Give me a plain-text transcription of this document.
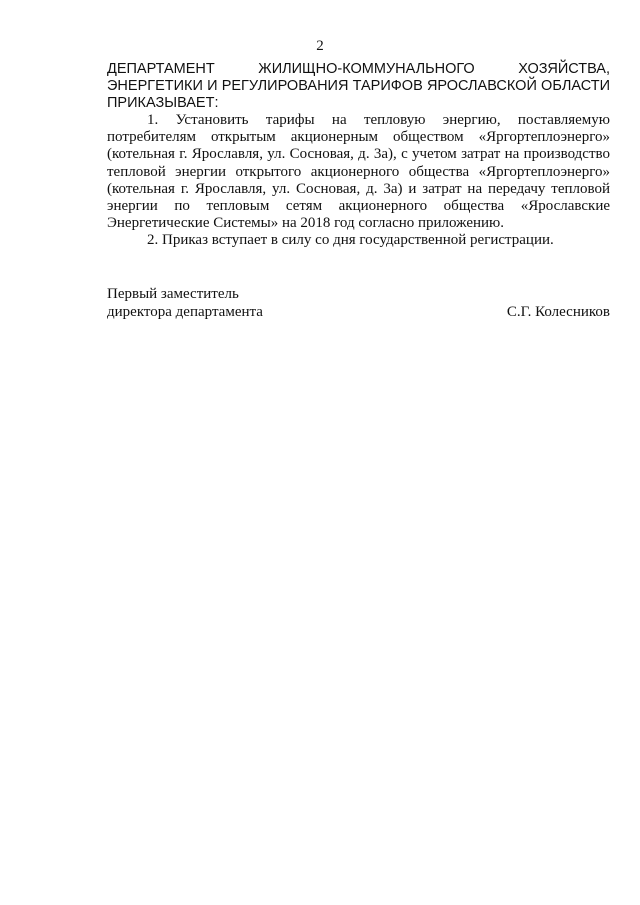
2

ДЕПАРТАМЕНТ ЖИЛИЩНО-КОММУНАЛЬНОГО ХОЗЯЙСТВА, ЭНЕРГЕТИКИ И РЕГУЛИРОВАНИЯ ТАРИФОВ ЯРОСЛАВСКОЙ ОБЛАСТИ ПРИКАЗЫВАЕТ:

1. Установить тарифы на тепловую энергию, поставляемую потребителям открытым акционерным обществом «Яргортеплоэнерго» (котельная г. Ярославля, ул. Сосновая, д. 3а), с учетом затрат на производство тепловой энергии открытого акционерного общества «Яргортеплоэнерго» (котельная г. Ярославля, ул. Сосновая, д. 3а) и затрат на передачу тепловой энергии по тепловым сетям акционерного общества «Ярославские Энергетические Системы» на 2018 год согласно приложению.

2. Приказ вступает в силу со дня государственной регистрации.

Первый заместитель
директора департамента	С.Г. Колесников
